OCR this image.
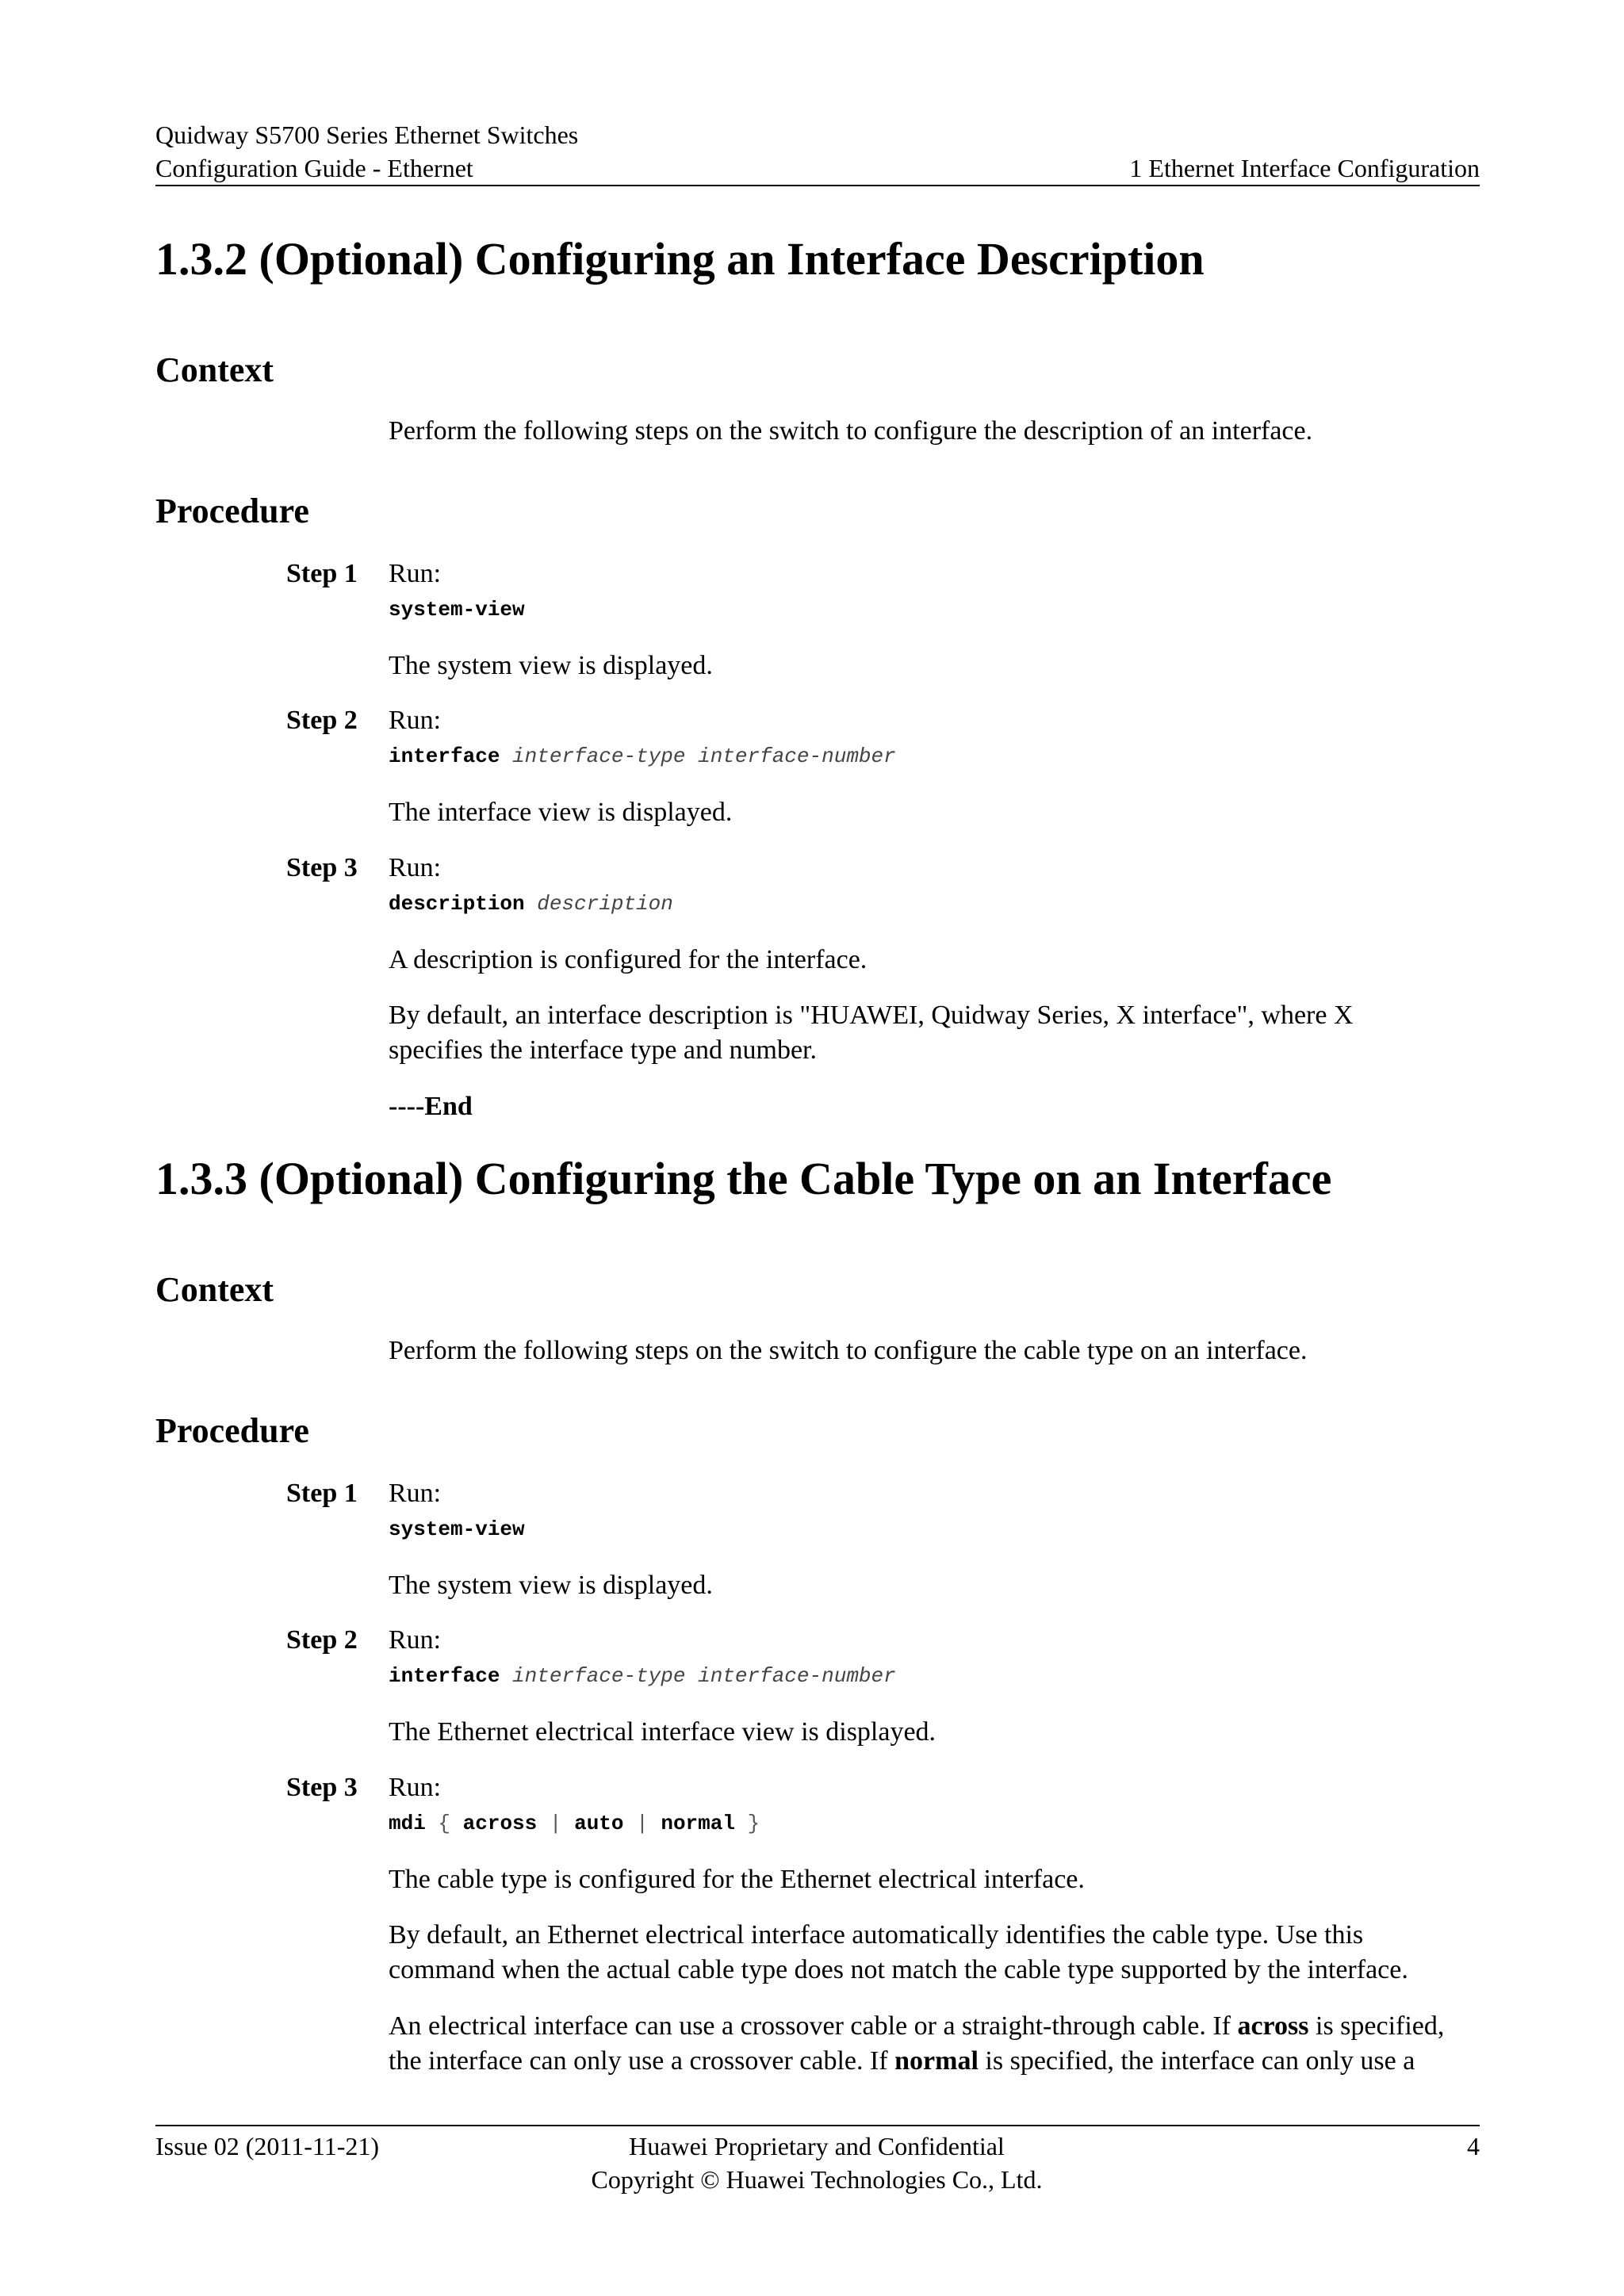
Quidway S5700 Series Ethernet Switches
Configuration Guide - Ethernet	1 Ethernet Interface Configuration
1.3.2 (Optional) Configuring an Interface Description
Context
Perform the following steps on the switch to configure the description of an interface.
Procedure
Step 1 Run:
system-view
The system view is displayed.
Step 2 Run:
interface interface-type interface-number
The interface view is displayed.
Step 3 Run:
description description
A description is configured for the interface.
By default, an interface description is "HUAWEI, Quidway Series, X interface", where X
specifies the interface type and number.
----End
1.3.3 (Optional) Configuring the Cable Type on an Interface
Context
Perform the following steps on the switch to configure the cable type on an interface.
Procedure
Step 1 Run:
system-view
The system view is displayed.
Step 2 Run:
interface interface-type interface-number
The Ethernet electrical interface view is displayed.
Step 3 Run:
mdi { across | auto | normal }
The cable type is configured for the Ethernet electrical interface.
By default, an Ethernet electrical interface automatically identifies the cable type. Use this
command when the actual cable type does not match the cable type supported by the interface.
An electrical interface can use a crossover cable or a straight-through cable. If across is specified,
the interface can only use a crossover cable. If normal is specified, the interface can only use a
Issue 02 (2011-11-21)	Huawei Proprietary and Confidential
Copyright © Huawei Technologies Co., Ltd.
4
